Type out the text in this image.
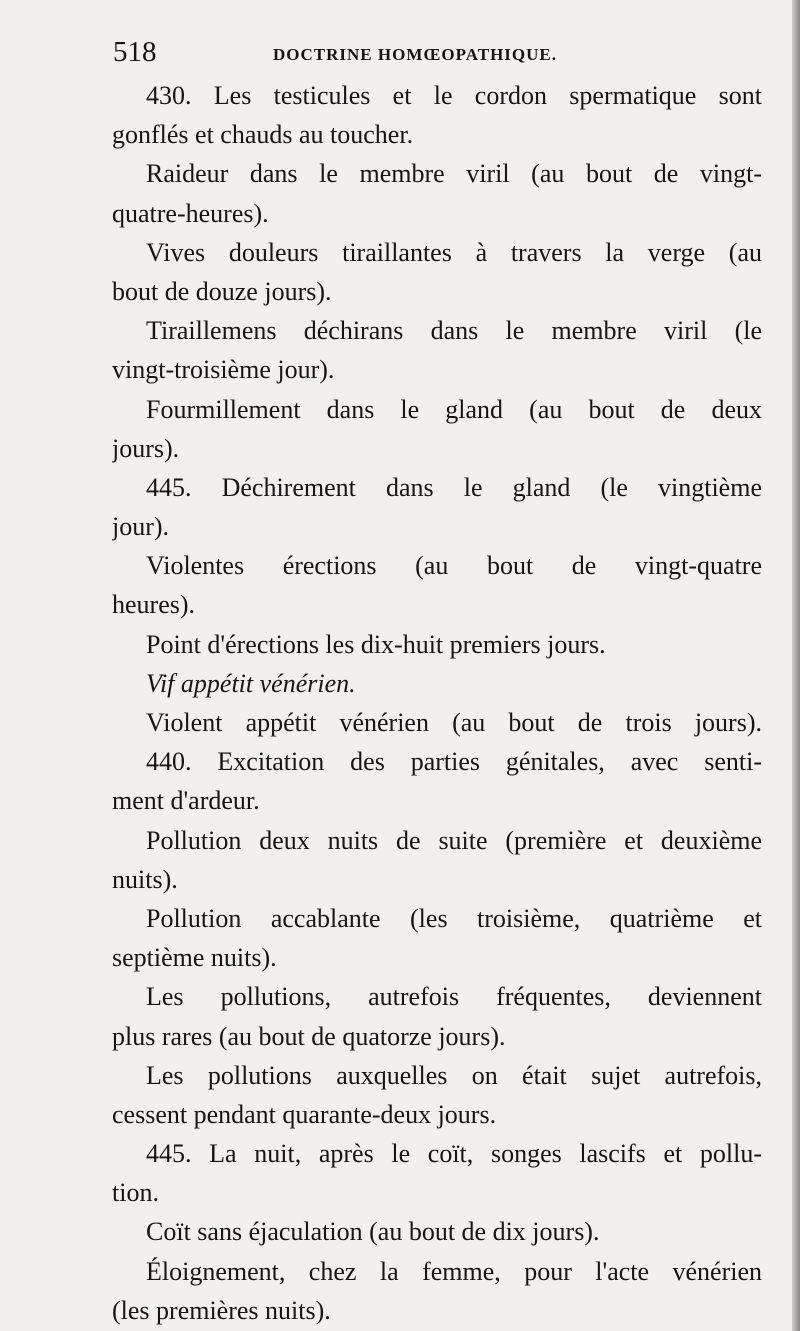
518	DOCTRINE HOMŒOPATHIQUE.
430. Les testicules et le cordon spermatique sont
gonflés et chauds au toucher.
Raideur dans le membre viril (au bout de vingt-
quatre-heures).
Vives douleurs tiraillantes à travers la verge (au
bout de douze jours).
Tiraillemens déchirans dans le membre viril (le
vingt-troisième jour).
Fourmillement dans le gland (au bout de deux
jours).
445. Déchirement dans le gland (le vingtième
jour).
Violentes érections (au bout de vingt-quatre
heures).
Point d'érections les dix-huit premiers jours.
Vif appétit vénérien.
Violent appétit vénérien (au bout de trois jours).
440. Excitation des parties génitales, avec senti-
ment d'ardeur.
Pollution deux nuits de suite (première et deuxième
nuits).
Pollution accablante (les troisième, quatrième et
septième nuits).
Les pollutions, autrefois fréquentes, deviennent
plus rares (au bout de quatorze jours).
Les pollutions auxquelles on était sujet autrefois,
cessent pendant quarante-deux jours.
445. La nuit, après le coït, songes lascifs et pollu-
tion.
Coït sans éjaculation (au bout de dix jours).
Éloignement, chez la femme, pour l'acte vénérien
(les premières nuits).
